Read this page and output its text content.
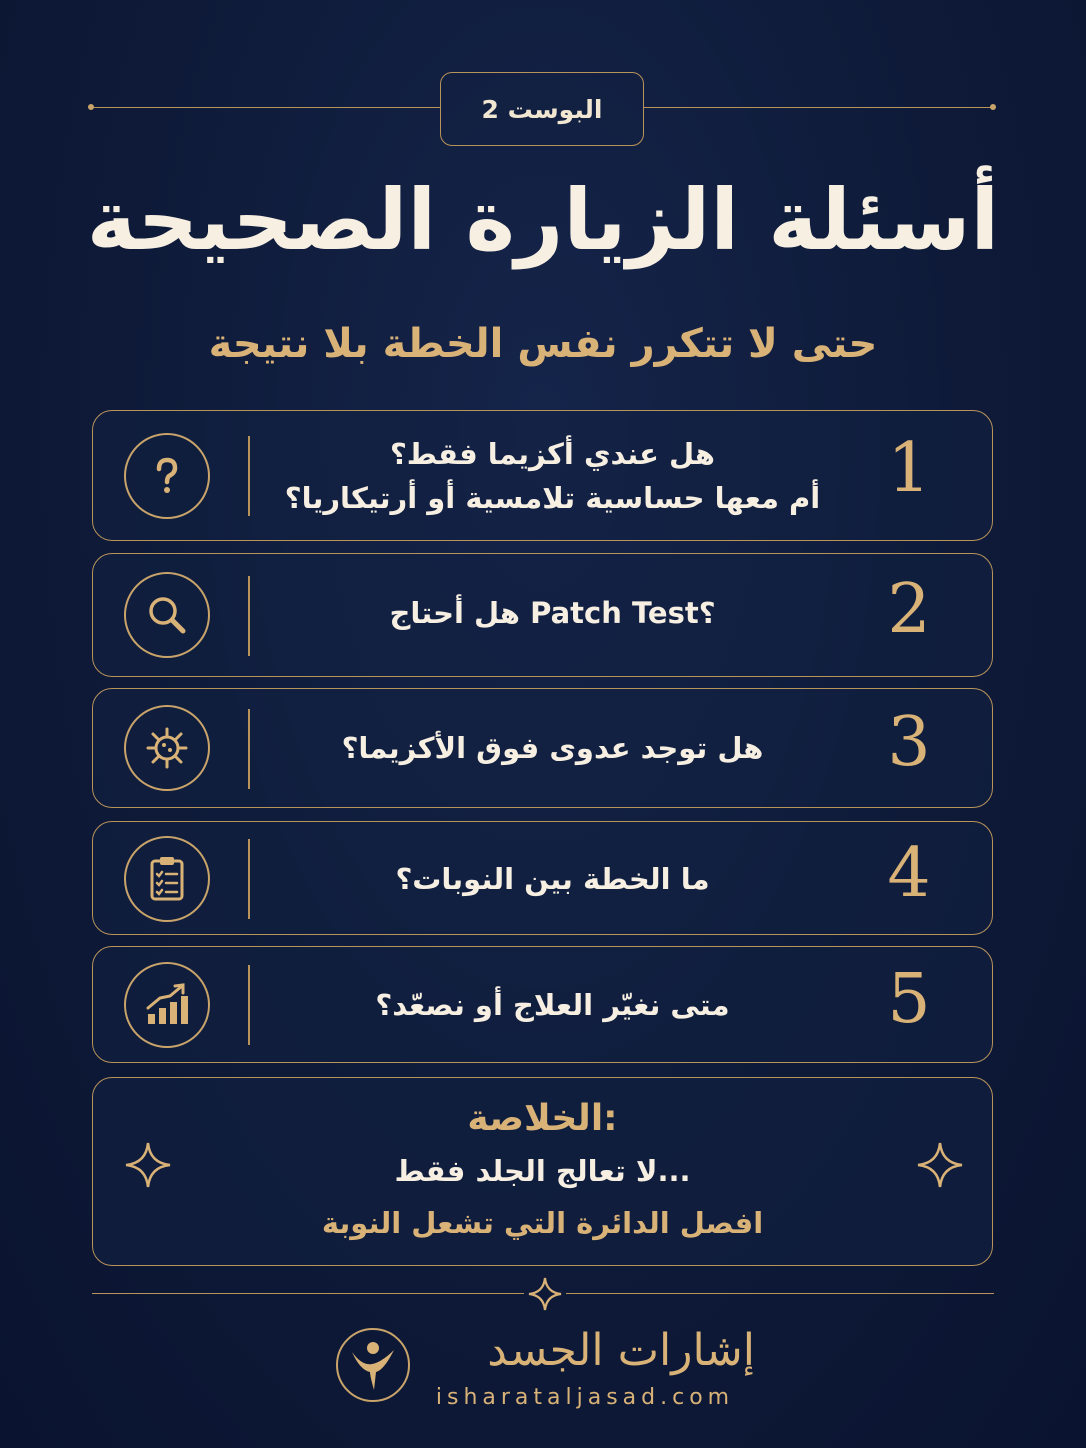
البوست 2
أسئلة الزيارة الصحيحة
حتى لا تتكرر نفس الخطة بلا نتيجة
هل عندي أكزيما فقط؟
أم معها حساسية تلامسية أو أرتيكاريا؟ 1
هل أحتاج Patch Test؟	2
هل توجد عدوى فوق الأكزيما؟	3
ما الخطة بين النوبات؟	4
متى نغيّر العلاج أو نصعّد؟	5
الخلاصة:
لا تعالج الجلد فقط...
افصل الدائرة التي تشعل النوبة
إشارات الجسد
isharataljasad.com
